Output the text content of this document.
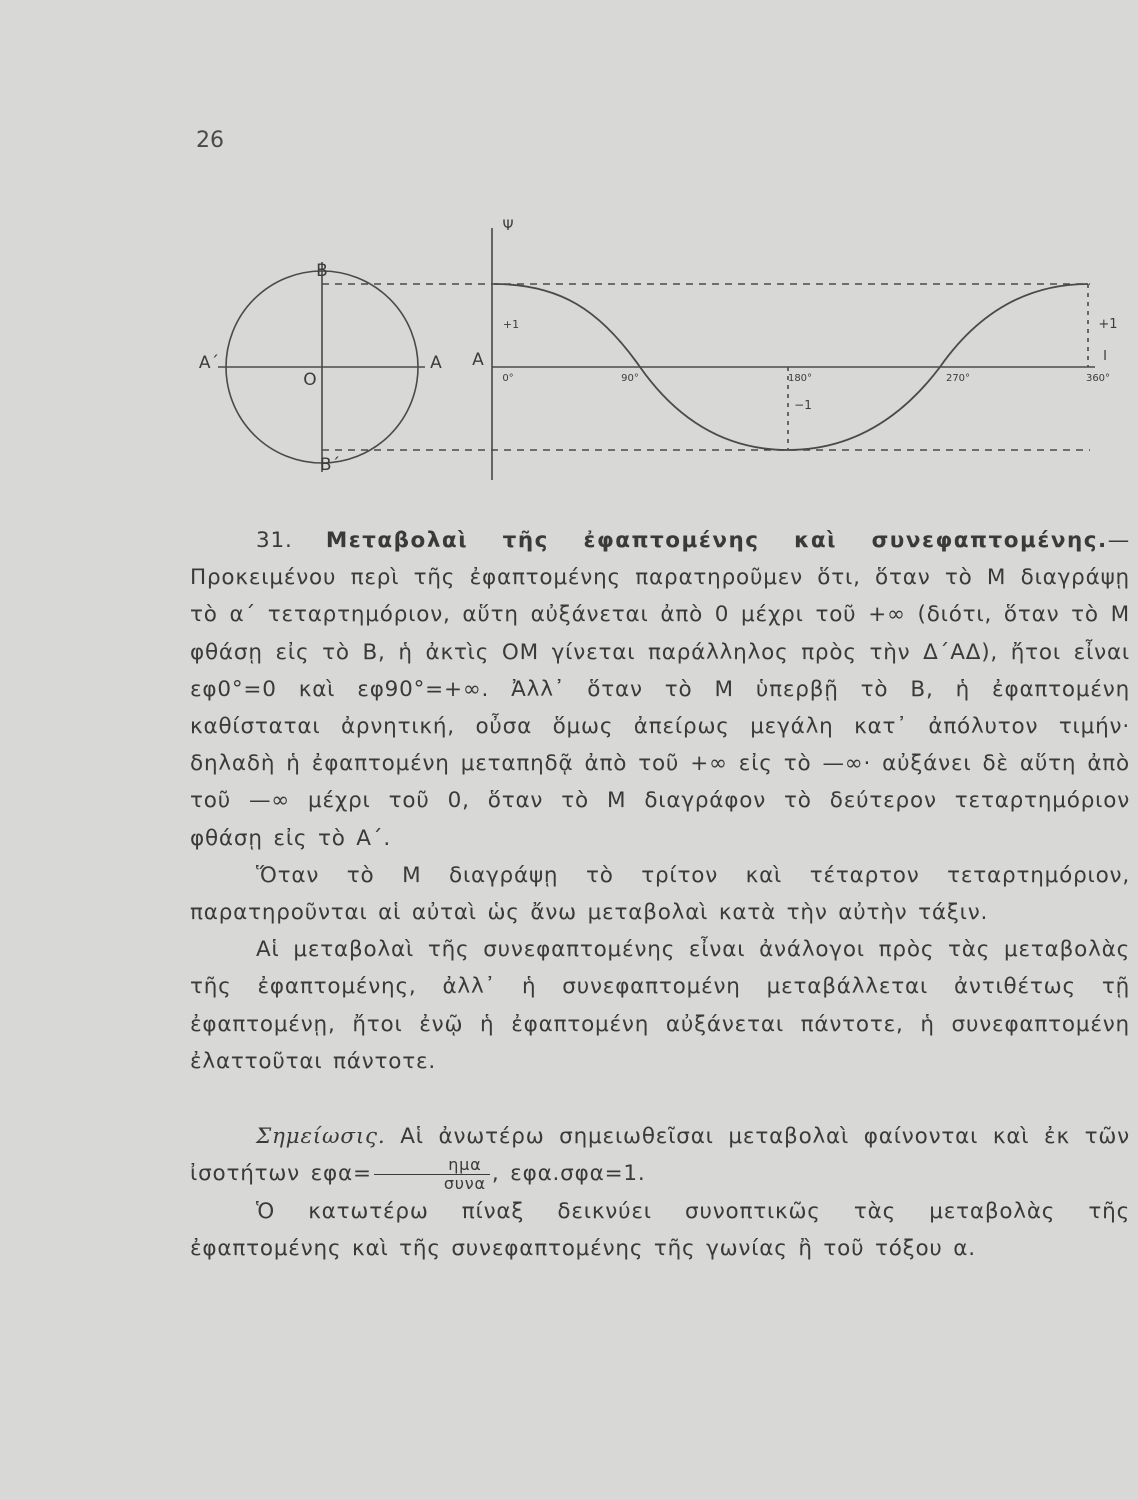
26
B
B΄
A΄	A
O
Ψ
A
+1	+1
−1
0°	90°	180°	270°	360°
I

31. Μεταβολαὶ τῆς ἐφαπτομένης καὶ συνεφαπτομένης.—Προκειμένου περὶ τῆς ἐφαπτομένης παρατηροῦμεν ὅτι, ὅταν τὸ Μ διαγράψῃ τὸ α΄ τεταρτημόριον, αὕτη αὐξάνεται ἀπὸ 0 μέχρι τοῦ +∞ (διότι, ὅταν τὸ Μ φθάσῃ εἰς τὸ Β, ἡ ἀκτὶς ΟΜ γίνεται παράλληλος πρὸς τὴν Δ΄ΑΔ), ἤτοι εἶναι εφ0°=0 καὶ εφ90°=+∞. Ἀλλ᾽ ὅταν τὸ Μ ὑπερβῇ τὸ Β, ἡ ἐφαπτομένη καθίσταται ἀρνητική, οὖσα ὅμως ἀπείρως μεγάλη κατ᾽ ἀπόλυτον τιμήν· δηλαδὴ ἡ ἐφαπτομένη μεταπηδᾷ ἀπὸ τοῦ +∞ εἰς τὸ —∞· αὐξάνει δὲ αὕτη ἀπὸ τοῦ —∞ μέχρι τοῦ 0, ὅταν τὸ Μ διαγράφον τὸ δεύτερον τεταρτημόριον φθάσῃ εἰς τὸ Α΄.

Ὅταν τὸ Μ διαγράψῃ τὸ τρίτον καὶ τέταρτον τεταρτημόριον, παρατηροῦνται αἱ αὐταὶ ὡς ἄνω μεταβολαὶ κατὰ τὴν αὐτὴν τάξιν.

Αἱ μεταβολαὶ τῆς συνεφαπτομένης εἶναι ἀνάλογοι πρὸς τὰς μεταβολὰς τῆς ἐφαπτομένης, ἀλλ᾽ ἡ συνεφαπτομένη μεταβάλλεται ἀντιθέτως τῇ ἐφαπτομένῃ, ἤτοι ἐνῷ ἡ ἐφαπτομένη αὐξάνεται πάντοτε, ἡ συνεφαπτομένη ἐλαττοῦται πάντοτε.

Σημείωσις. Αἱ ἀνωτέρω σημειωθεῖσαι μεταβολαὶ φαίνονται καὶ ἐκ τῶν ἰσοτήτων $\varepsilon\varphi\alpha= \frac{\text{ημα}}{\text{συνα}}$ , εφα.σφα=1.

Ὁ κατωτέρω πίναξ δεικνύει συνοπτικῶς τὰς μεταβολὰς τῆς ἐφαπτομένης καὶ τῆς συνεφαπτομένης τῆς γωνίας ἢ τοῦ τόξου α.
